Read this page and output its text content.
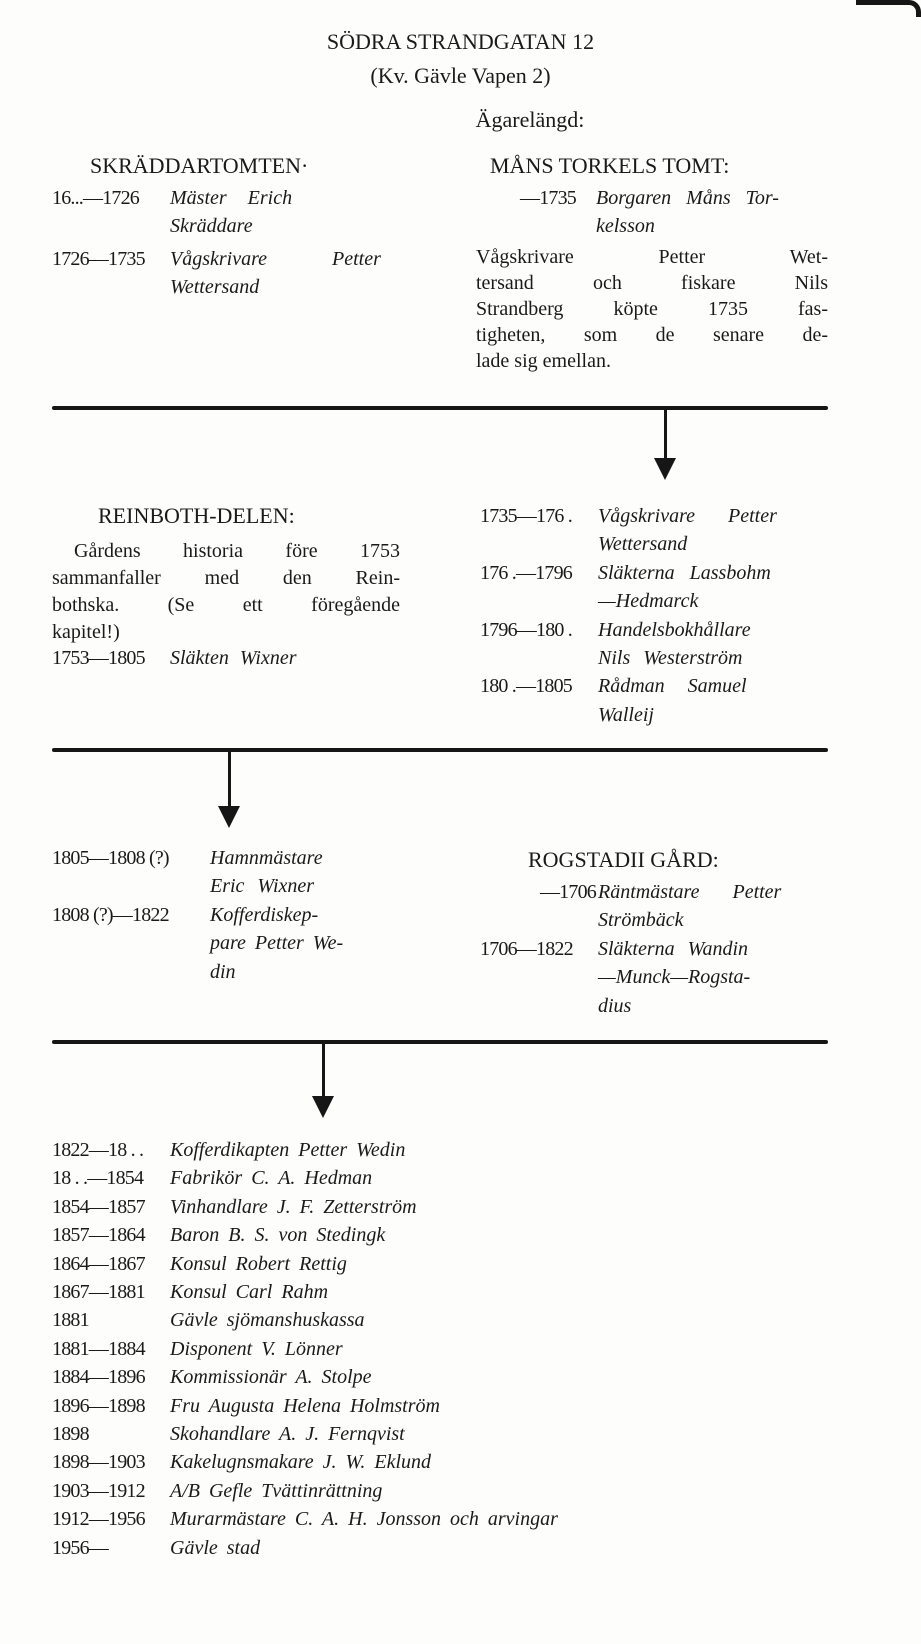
SÖDRA STRANDGATAN 12
(Kv. Gävle Vapen 2)
Ägarelängd:
SKRÄDDARTOMTEN·
16...—1726	Mäster Erich
Skräddare
1726—1735	Vågskrivare Petter
Wettersand
MÅNS TORKELS TOMT:
—1735 Borgaren Måns Tor-
kelsson
Vågskrivare Petter Wet-
tersand och fiskare Nils
Strandberg köpte 1735 fas-
tigheten, som de senare de-
lade sig emellan.
REINBOTH-DELEN:
Gårdens historia före 1753
sammanfaller med den Rein-
bothska. (Se ett föregående
kapitel!)
1753—1805	Släkten Wixner
1735—176 .	Vågskrivare Petter
Wettersand
176 .—1796	Släkterna Lassbohm
—Hedmarck
1796—180 .	Handelsbokhållare
Nils Westerström
180 .—1805	Rådman Samuel
Walleij
1805—1808 (?)	Hamnmästare
Eric Wixner
1808 (?)—1822	Kofferdiskep-
pare Petter We-
din
ROGSTADII GÅRD:
—1706 Räntmästare Petter
Strömbäck
1706—1822	Släkterna Wandin
—Munck—Rogsta-
dius
1822—18 . .	Kofferdikapten Petter Wedin
18 . .—1854	Fabrikör C. A. Hedman
1854—1857	Vinhandlare J. F. Zetterström
1857—1864	Baron B. S. von Stedingk
1864—1867	Konsul Robert Rettig
1867—1881	Konsul Carl Rahm
1881	Gävle sjömanshuskassa
1881—1884	Disponent V. Lönner
1884—1896	Kommissionär A. Stolpe
1896—1898	Fru Augusta Helena Holmström
1898	Skohandlare A. J. Fernqvist
1898—1903	Kakelugnsmakare J. W. Eklund
1903—1912	A/B Gefle Tvättinrättning
1912—1956	Murarmästare C. A. H. Jonsson och arvingar
1956—	Gävle stad
